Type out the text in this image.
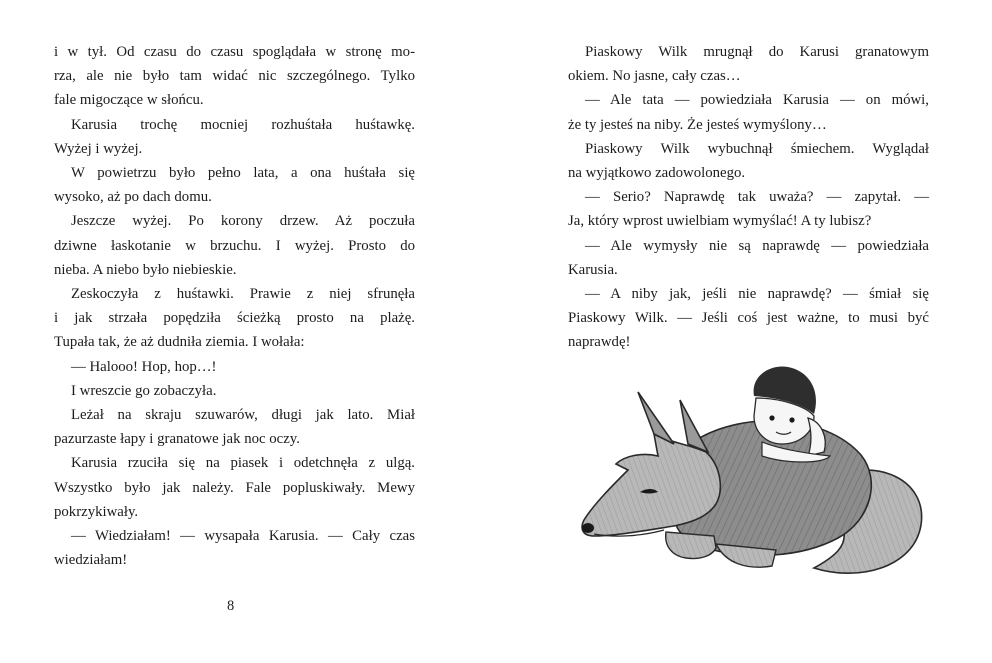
i w tył. Od czasu do czasu spoglądała w stronę mo-
rza, ale nie było tam widać nic szczególnego. Tylko
fale migoczące w słońcu.

Karusia trochę mocniej rozhuśtała huśtawkę.
Wyżej i wyżej.

W powietrzu było pełno lata, a ona huśtała się
wysoko, aż po dach domu.

Jeszcze wyżej. Po korony drzew. Aż poczuła
dziwne łaskotanie w brzuchu. I wyżej. Prosto do
nieba. A niebo było niebieskie.

Zeskoczyła z huśtawki. Prawie z niej sfrunęła
i jak strzała popędziła ścieżką prosto na plażę.
Tupała tak, że aż dudniła ziemia. I wołała:

— Halooo! Hop, hop…!

I wreszcie go zobaczyła.

Leżał na skraju szuwarów, długi jak lato. Miał
pazurzaste łapy i granatowe jak noc oczy.

Karusia rzuciła się na piasek i odetchnęła z ulgą.
Wszystko było jak należy. Fale popluskiwały. Mewy
pokrzykiwały.

— Wiedziałam! — wysapała Karusia. — Cały czas
wiedziałam!

8

Piaskowy Wilk mrugnął do Karusi granatowym
okiem. No jasne, cały czas…

— Ale tata — powiedziała Karusia — on mówi,
że ty jesteś na niby. Że jesteś wymyślony…

Piaskowy Wilk wybuchnął śmiechem. Wyglądał
na wyjątkowo zadowolonego.

— Serio? Naprawdę tak uważa? — zapytał. —
Ja, który wprost uwielbiam wymyślać! A ty lubisz?

— Ale wymysły nie są naprawdę — powiedziała
Karusia.

— A niby jak, jeśli nie naprawdę? — śmiał się
Piaskowy Wilk. — Jeśli coś jest ważne, to musi być
naprawdę!
